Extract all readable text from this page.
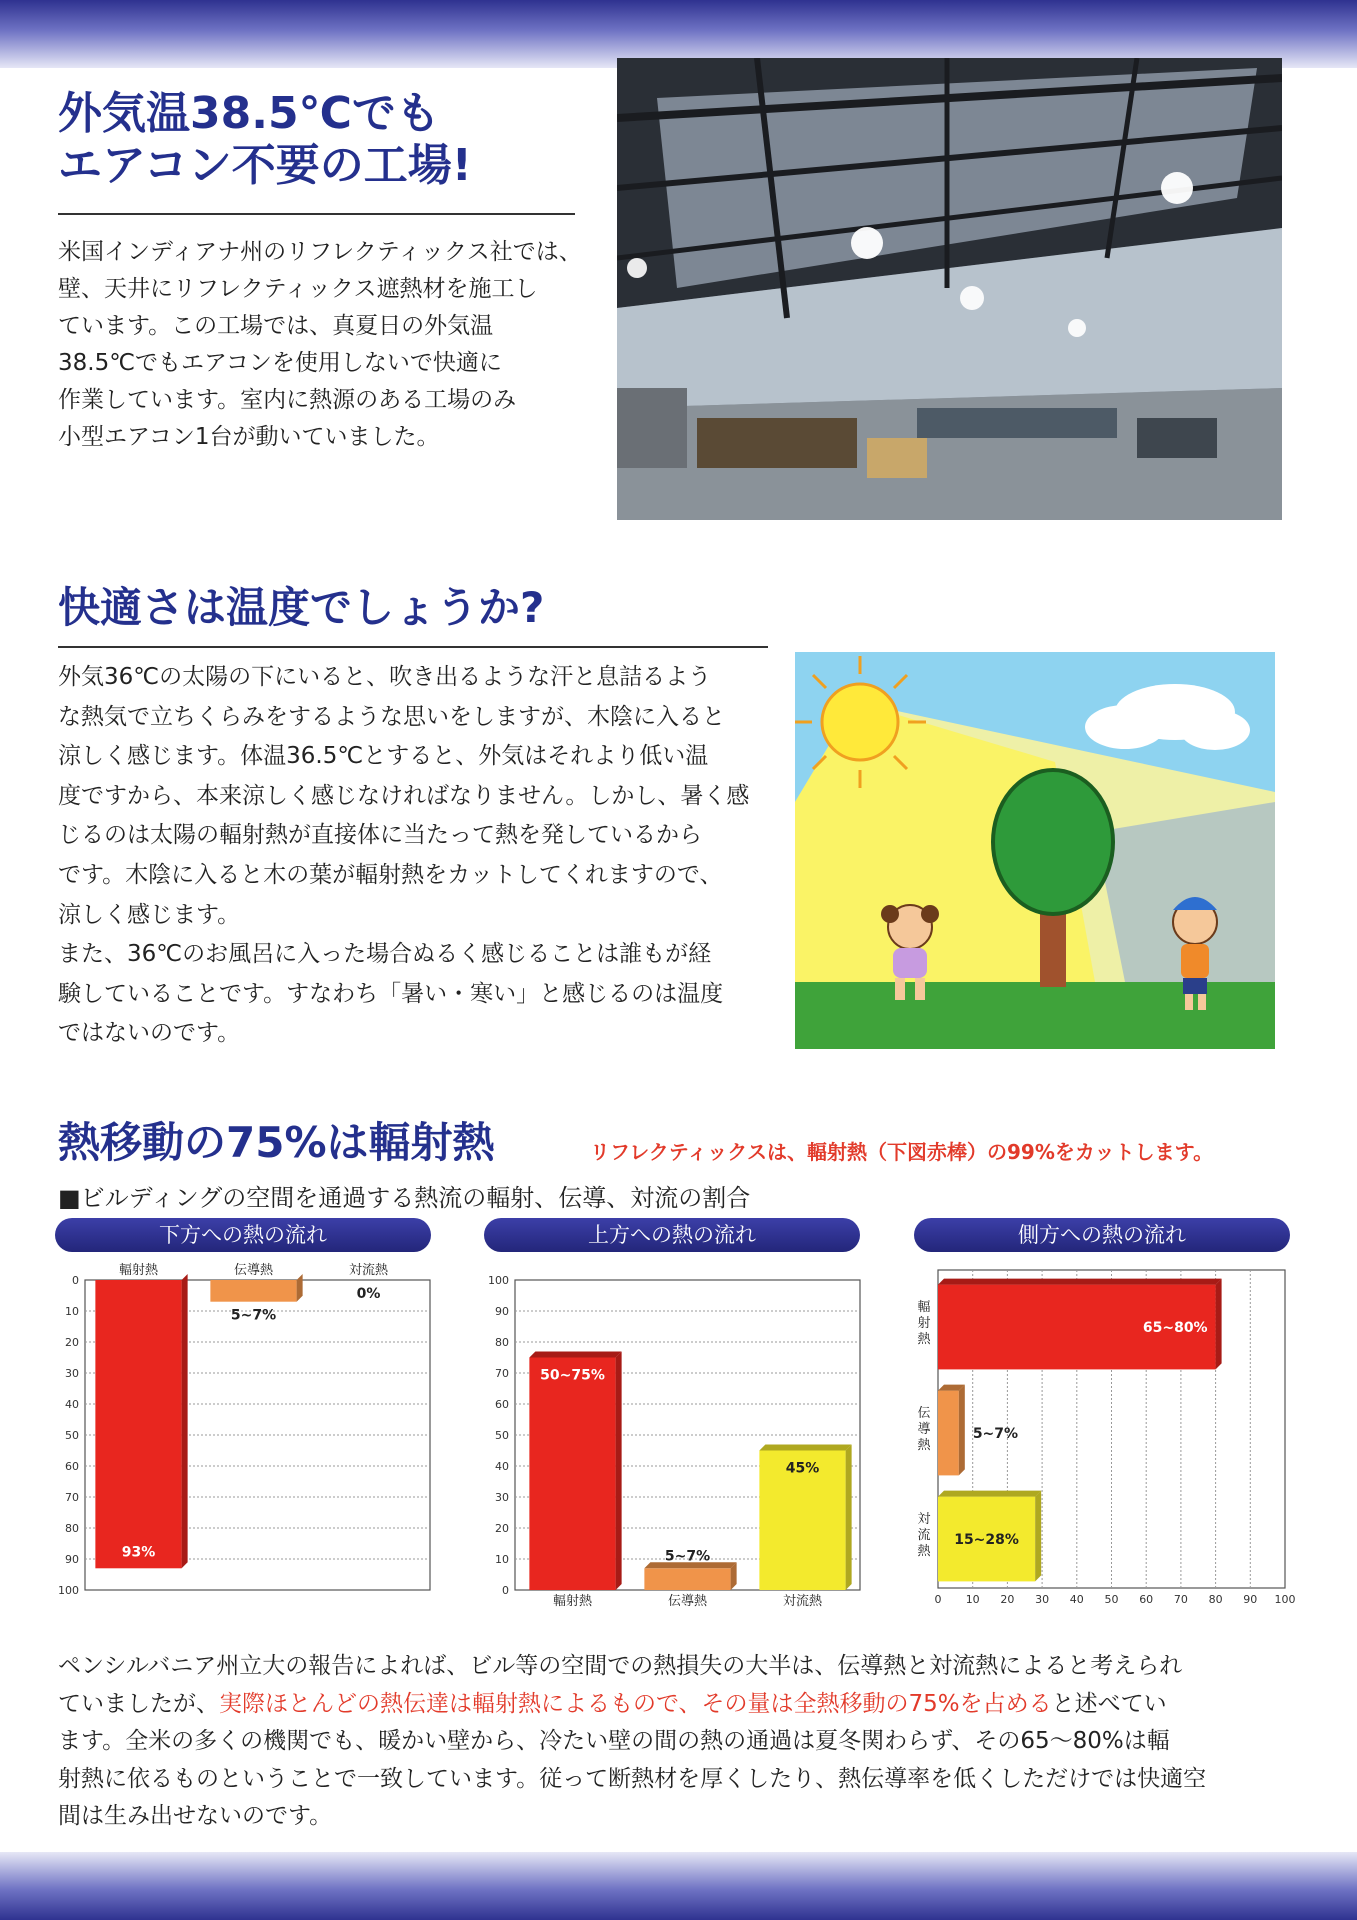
外気温38.5℃でも
エアコン不要の工場!

米国インディアナ州のリフレクティックス社では、

壁、天井にリフレクティックス遮熱材を施工し

ています。この工場では、真夏日の外気温

38.5℃でもエアコンを使用しないで快適に

作業しています。室内に熱源のある工場のみ

小型エアコン1台が動いていました。

快適さは温度でしょうか?

外気36℃の太陽の下にいると、吹き出るような汗と息詰るよう

な熱気で立ちくらみをするような思いをしますが、木陰に入ると

涼しく感じます。体温36.5℃とすると、外気はそれより低い温

度ですから、本来涼しく感じなければなりません。しかし、暑く感

じるのは太陽の輻射熱が直接体に当たって熱を発しているから

です。木陰に入ると木の葉が輻射熱をカットしてくれますので、

涼しく感じます。

また、36℃のお風呂に入った場合ぬるく感じることは誰もが経

験していることです。すなわち「暑い・寒い」と感じるのは温度

ではないのです。

熱移動の75%は輻射熱	リフレクティックスは、輻射熱（下図赤棒）の99%をカットします。
■ビルディングの空間を通過する熱流の輻射、伝導、対流の割合
下方への熱の流れ	上方への熱の流れ	側方への熱の流れ
0
10
20
30
40
50
60
70
80
90
100
93%
輻射熱
5~7%
伝導熱
0%
対流熱
0
10
20
30
40
50
60
70
80
90
100
50~75%
輻射熱
5~7%
伝導熱
45%
対流熱	0 10 20 30 40 50 60 70 80 90 100
65~80%
輻射熱
5~7%
伝導熱
15~28%
対流熱

ペンシルバニア州立大の報告によれば、ビル等の空間での熱損失の大半は、伝導熱と対流熱によると考えられ

ていましたが、実際ほとんどの熱伝達は輻射熱によるもので、その量は全熱移動の75%を占めると述べてい

ます。全米の多くの機関でも、暖かい壁から、冷たい壁の間の熱の通過は夏冬関わらず、その65～80%は輻

射熱に依るものということで一致しています。従って断熱材を厚くしたり、熱伝導率を低くしただけでは快適空

間は生み出せないのです。
